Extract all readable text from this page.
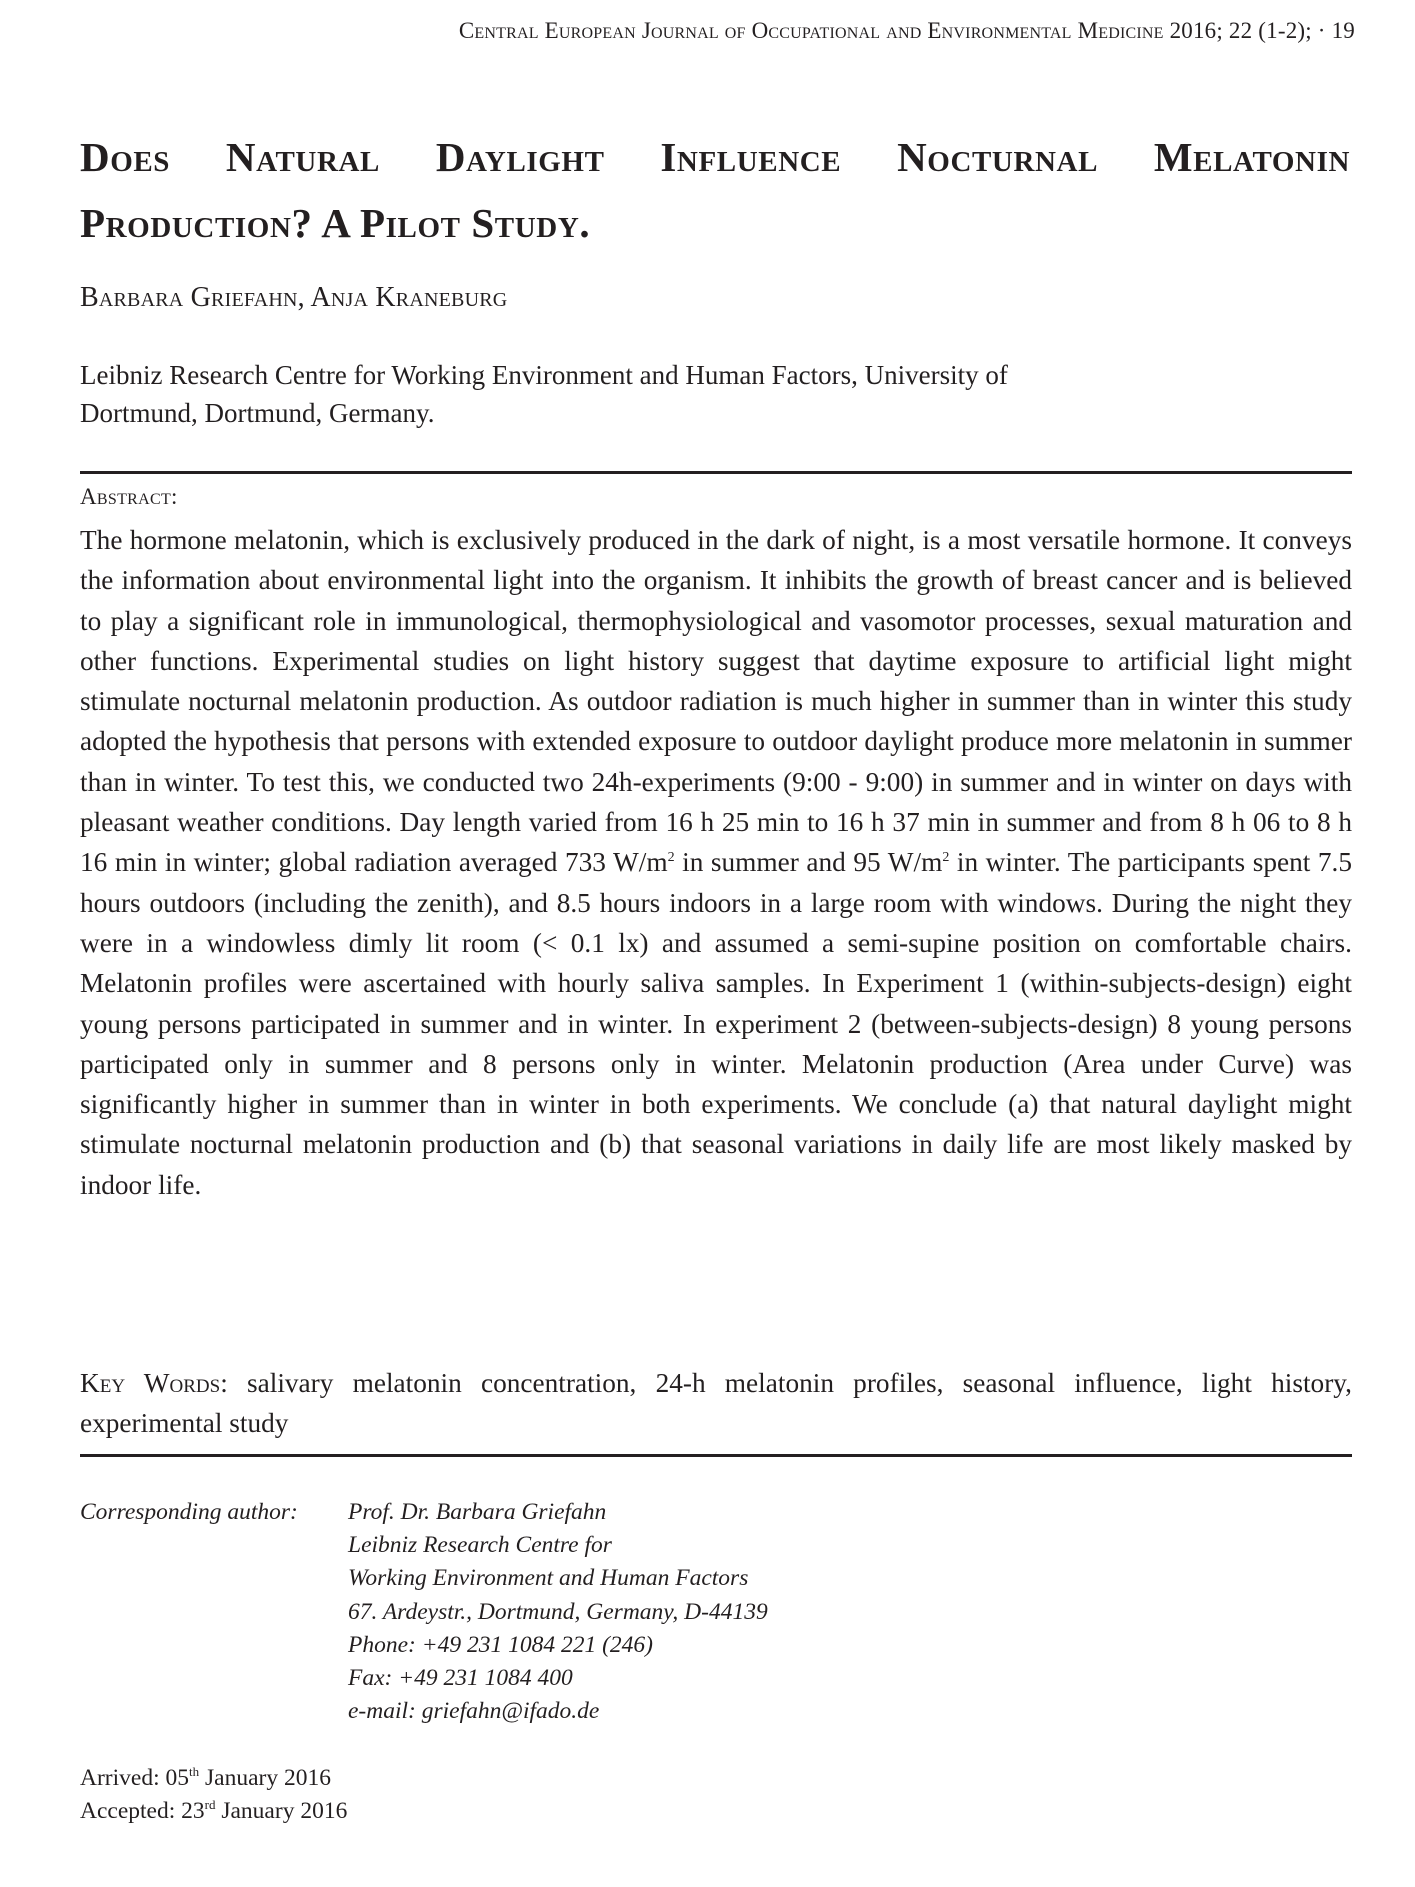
Central European Journal of Occupational and Environmental Medicine 2016; 22 (1-2); · 19
Does Natural Daylight Influence Nocturnal Melatonin
Production? A Pilot Study.
Barbara Griefahn, Anja Kraneburg
Leibniz Research Centre for Working Environment and Human Factors, University of
Dortmund, Dortmund, Germany.
Abstract:

The hormone melatonin, which is exclusively produced in the dark of night, is a most versatile hormone. It conveys the information about environmental light into the organism. It inhibits the growth of breast cancer and is believed to play a significant role in immunological, thermophysiological and vasomotor processes, sexual maturation and other functions. Experimental studies on light history suggest that daytime exposure to artificial light might stimulate nocturnal melatonin production. As outdoor radiation is much higher in summer than in winter this study adopted the hypothesis that persons with extended exposure to outdoor daylight produce more melatonin in summer than in winter. To test this, we conducted two 24h-experiments (9:00 - 9:00) in summer and in winter on days with pleasant weather conditions. Day length varied from 16 h 25 min to 16 h 37 min in summer and from 8 h 06 to 8 h 16 min in winter; global radiation averaged 733 $W/m^2$ in summer and 95 $W/m^2$ in winter. The participants spent 7.5 hours outdoors (including the zenith), and 8.5 hours indoors in a large room with windows. During the night they were in a windowless dimly lit room (< 0.1 lx) and assumed a semi-supine position on comfortable chairs. Melatonin profiles were ascertained with hourly saliva samples. In Experiment 1 (within-subjects-design) eight young persons participated in summer and in winter. In experiment 2 (between-subjects-design) 8 young persons participated only in summer and 8 persons only in winter. Melatonin production (Area under Curve) was significantly higher in summer than in winter in both experiments. We conclude (a) that natural daylight might stimulate nocturnal melatonin production and (b) that seasonal variations in daily life are most likely masked by indoor life.

Key Words: salivary melatonin concentration, 24-h melatonin profiles, seasonal influence, light history, experimental study
Corresponding author: Prof. Dr. Barbara Griefahn
Leibniz Research Centre for
Working Environment and Human Factors
67. Ardeystr., Dortmund, Germany, D-44139
Phone: +49 231 1084 221 (246)
Fax: +49 231 1084 400
e-mail: griefahn@ifado.de
Arrived: 05th January 2016
Accepted: 23rd January 2016
